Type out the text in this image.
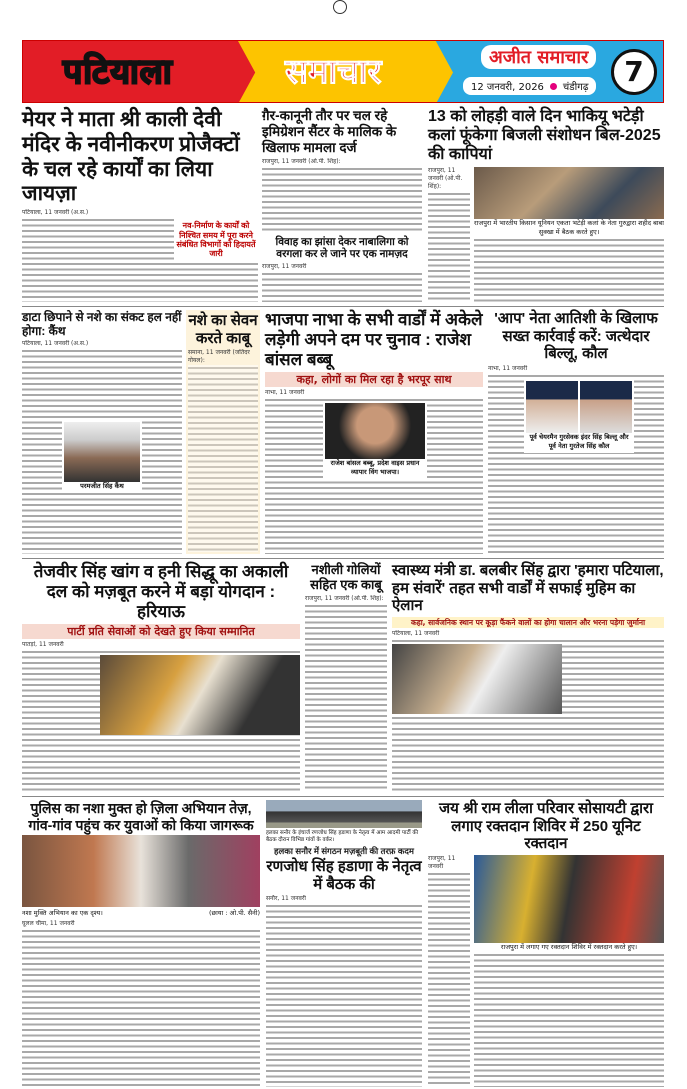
पटियाला	समाचार	अजीत समाचार
12 जनवरी, 2026 चंडीगढ़	7
मेयर ने माता श्री काली देवी मंदिर के नवीनीकरण प्रोजैक्टों के चल रहे कार्यों का लिया जायज़ा
पटियाला, 11 जनवरी (अ.स.)
नव-निर्माण के कार्यों को निश्चित समय में पूरा करने संबंधित विभागों को हिदायतें जारी
ग़ैर-कानूनी तौर पर चल रहे इमिग्रेशन सैंटर के मालिक के खिलाफ मामला दर्ज
राजपुरा, 11 जनवरी (ओ.पी. शिंह):
विवाह का झांसा देकर नाबालिगा को वरगला कर ले जाने पर एक नामज़द
राजपुरा, 11 जनवरी
13 को लोहड़ी वाले दिन भाकियू भटेड़ी कलां फूंकेगा बिजली संशोधन बिल-2025 की कापियां
राजपुरा, 11 जनवरी (ओ.पी. शिंह):
राजपुरा में भारतीय किसान यूनियन एकता भटेड़ी कलां के नेता गुरुद्वारा शहीद बाबा सुक्खा में बैठक करते हुए।
डाटा छिपाने से नशे का संकट हल नहीं होगा: कैंथ
पटियाला, 11 जनवरी (अ.स.)
परमजीत सिंह कैंथ
नशे का सेवन करते काबू
समाना, 11 जनवरी (जतिंदर गोयल):
भाजपा नाभा के सभी वार्डों में अकेले लड़ेगी अपने दम पर चुनाव : राजेश बांसल बब्बू
कहा, लोगों का मिल रहा है भरपूर साथ
नाभा, 11 जनवरी
राजेश बांसल बब्बू, प्रदेश वाइस प्रधान व्यापार विंग भाजपा।
'आप' नेता आतिशी के खिलाफ सख्त कार्रवाई करें: जत्थेदार बिल्लू, कौल
नाभा, 11 जनवरी
पूर्व चेयरमैन गुरसेवक इंदर सिंह बिल्लू और पूर्व नेता गुरतेज सिंह कौल
तेजवीर सिंह खांग व हनी सिद्धू का अकाली दल को मज़बूत करने में बड़ा योगदान : हरियाऊ
पार्टी प्रति सेवाओं को देखते हुए किया सम्मानित
पातड़ां, 11 जनवरी
नशीली गोलियों सहित एक काबू
राजपुरा, 11 जनवरी (ओ.पी. शिंह):
स्वास्थ्य मंत्री डा. बलबीर सिंह द्वारा 'हमारा पटियाला, हम संवारें' तहत सभी वार्डों में सफाई मुहिम का ऐलान
कहा, सार्वजनिक स्थान पर कूड़ा फैंकने वालों का होगा चालान और भरना पड़ेगा जुर्माना
पटियाला, 11 जनवरी
पुलिस का नशा मुक्त हो ज़िला अभियान तेज़, गांव-गांव पहुंच कर युवाओं को किया जागरूक
नशा मुक्ति अभियान का एक दृश्य।	(छाया : ओ.पी. सैनी)
घूलल चीमा, 11 जनवरी
हलका सनौर के इंचार्ज रणजोध सिंह हडाणा के नेतृत्व में आम आदमी पार्टी की बैठक दौरान विभिन्न गांवों के वर्कर।
हलका सनौर में संगठन मज़बूती की तरफ़ कदम
रणजोध सिंह हडाणा के नेतृत्व में बैठक की
सनौर, 11 जनवरी
जय श्री राम लीला परिवार सोसायटी द्वारा लगाए रक्तदान शिविर में 250 यूनिट रक्तदान
राजपुरा, 11 जनवरी
राजपुरा में लगाए गए रक्तदान शिविर में रक्तदान करते हुए।
